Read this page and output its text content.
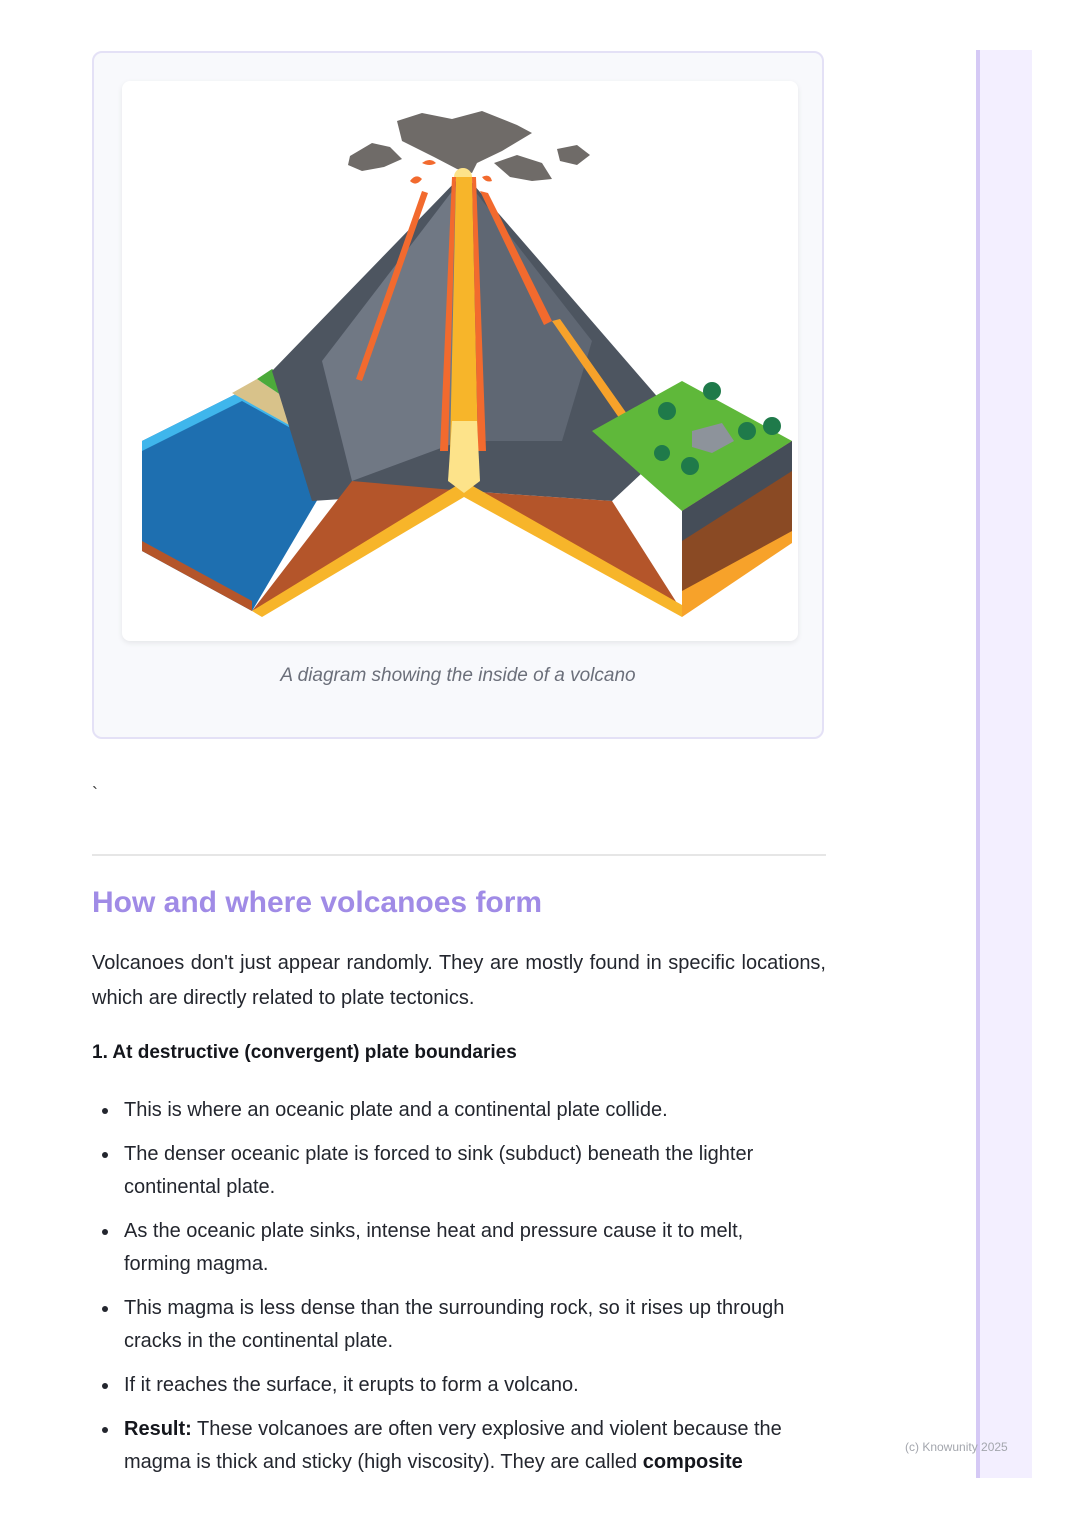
A diagram showing the inside of a volcano
`
How and where volcanoes form

Volcanoes don't just appear randomly. They are mostly found in specific locations, which are directly related to plate tectonics.

1. At destructive (convergent) plate boundaries
This is where an oceanic plate and a continental plate collide.
The denser oceanic plate is forced to sink (subduct) beneath the lighter continental plate.
As the oceanic plate sinks, intense heat and pressure cause it to melt, forming magma.
This magma is less dense than the surrounding rock, so it rises up through cracks in the continental plate.
If it reaches the surface, it erupts to form a volcano.
Result: These volcanoes are often very explosive and violent because the magma is thick and sticky (high viscosity). They are called composite
(c) Knowunity 2025
